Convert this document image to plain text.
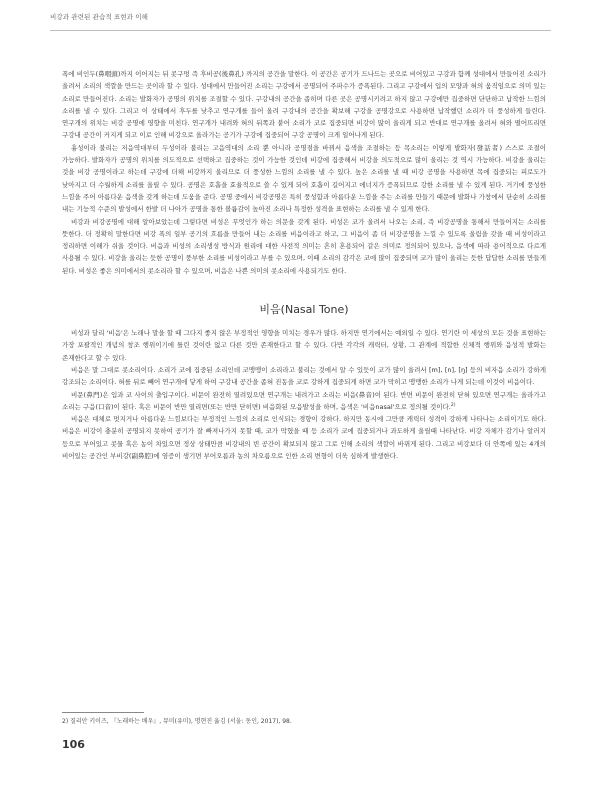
비강과 관련된 관습적 표현과 이해

폭에 비인두(鼻咽頭)까지 이어지는 뒤 콧구멍 즉 후비공(後鼻孔) 까지의 공간을 말한다. 이 공간은 공기가 드나드는 곳으로 비어있고 구강과 함께 성대에서 만들어진 소리가 울려서 소리의 색깔을 만드는 곳이라 할 수 있다. 성대에서 만들어진 소리는 구강에서 공명되어 주파수가 증폭된다. 그리고 구강에서 입의 모양과 혀의 움직임으로 의미 있는 소리로 만들어진다. 소리는 발화자가 공명의 위치를 조절할 수 있다. 구강내의 공간을 좁히며 다른 곳은 공명시키려고 하지 않고 구강에만 집중하면 단단하고 납작한 느낌의 소리를 낼 수 있다. 그리고 이 상태에서 후두를 낮추고 연구개를 들어 올려 구강내의 공간을 확보해 구강을 공명강으로 사용하면 납작했던 소리가 더 풍성하게 들린다. 연구개의 위치는 비강 공명에 영향을 미친다. 연구개가 내려와 혀의 뒤쪽과 붙어 소리가 코로 집중되면 비강이 많이 울리게 되고 반대로 연구개를 올려서 혀와 떨어뜨리면 구강내 공간이 커지게 되고 이로 인해 비강으로 올라가는 공기가 구강에 집중되어 구강 공명이 크게 일어나게 된다.

흉성이라 불리는 저음역대부터 두성이라 불리는 고음역대의 소리 뿐 아니라 공명점을 바꿔서 음색을 조절하는 등 목소리는 이렇게 발화자(發話者) 스스로 조절이 가능하다. 발화자가 공명의 위치를 의도적으로 선택하고 집중하는 것이 가능한 것인데 비강에 집중해서 비강을 의도적으로 많이 울리는 것 역시 가능하다. 비강을 울리는 것을 비강 공명이라고 하는데 구강에 더해 비강까지 울리므로 더 풍성한 느낌의 소리를 낼 수 있다. 높은 소리를 낼 때 비강 공명을 사용하면 목에 집중되는 피로도가 낮아지고 더 수월하게 소리를 올릴 수 있다. 공명은 호흡을 효율적으로 쓸 수 있게 되어 호흡이 길어지고 에너지가 증폭되므로 강한 소리를 낼 수 있게 된다. 거기에 풍성한 느낌을 주어 아름다운 음색을 갖게 하는데 도움을 준다. 공명 중에서 비강공명은 특히 풍성함과 아름다운 느낌을 주는 소리를 만들기 때문에 발화나 가창에서 단순히 소리를 내는 기능적 수준의 발성에서 한발 더 나아가 공명을 통한 볼륨감이 높아진 소리나 특정한 성격을 표현하는 소리를 낼 수 있게 한다.

비강과 비강공명에 대해 알아보았는데 그렇다면 비성은 무엇인가 하는 의문을 갖게 된다. 비성은 코가 울려서 나오는 소리, 즉 비강공명을 통해서 만들어지는 소리를 뜻한다. 더 정확히 말한다면 비강 폭의 일부 공기의 흐름을 만들어 내는 소리를 비음이라고 하고, 그 비음이 좀 더 비강공명을 느낄 수 있도록 울림을 갖을 때 비성이라고 정리하면 이해가 쉬울 것이다. 비음과 비성의 소리생성 방식과 원리에 대한 사전적 의미는 흔히 혼용되어 같은 의미로 정의되어 있으나, 음색에 따라 용어적으로 다르게 사용될 수 있다. 비강을 울리는 듯한 공명이 풍부한 소리를 비성이라고 부를 수 있으며, 이때 소리의 감각은 코에 많이 집중되며 코가 많이 울리는 듯한 답답한 소리를 만들게 된다. 비성은 좋은 의미에서의 콧소리라 할 수 있으며, 비음은 나쁜 의미의 콧소리에 사용되기도 한다.

비음(Nasal Tone)

비성과 달리 '비음'은 노래나 말을 할 때 그다지 좋지 않은 부정적인 영향을 미치는 경우가 많다. 하지만 연기에서는 예외일 수 있다. 연기란 이 세상의 모든 것을 표현하는 가장 포괄적인 개념의 창조 행위이기에 틀린 것이란 없고 다른 것만 존재한다고 할 수 있다. 다만 각각의 캐릭터, 상황, 그 관계에 적합한 신체적 행위와 음성적 발화는 존재한다고 할 수 있다.

비음은 말 그대로 콧소리이다. 소리가 코에 집중된 소리인데 코맹맹이 소리라고 불리는 것에서 알 수 있듯이 코가 많이 울려서 [m], [n], [ŋ] 등의 비자음 소리가 강하게 강조되는 소리이다. 혀를 뒤로 빼어 연구개에 닿게 하여 구강내 공간을 좁혀 진동을 코로 강하게 집중되게 하면 코가 막히고 맹맹한 소리가 나게 되는데 이것이 비음이다.

비문(鼻門)은 입과 코 사이의 출입구이다. 비문이 완전히 열려있으면 연구개는 내려가고 소리는 비음(鼻音)이 된다. 반면 비문이 완전히 닫혀 있으면 연구개는 올라가고 소리는 구음(口音)이 된다. 혹은 비문이 반만 열리면(또는 반만 닫히면) 비음화된 모음발성을 하며, 음색은 '비음nasal'으로 정의될 것이다.$^{2)}$

비음은 대체로 멋지거나 아름다운 느낌보다는 부정적인 느낌의 소리로 인식되는 경향이 강하다. 하지만 동시에 그만큼 캐릭터 성격이 강하게 나타나는 소리이기도 하다. 비음은 비강이 충분히 공명되지 못하여 공기가 잘 빠져나가지 못할 때, 코가 막혔을 때 등 소리가 코에 집중되거나 과도하게 울릴때 나타난다. 비강 자체가 감기나 알러지 등으로 부어있고 콧물 혹은 농이 차있으면 정상 상태만큼 비강내의 빈 공간이 확보되지 않고 그로 인해 소리의 색깔이 바뀌게 된다. 그리고 비강보다 더 안쪽에 있는 4개의 비어있는 공간인 부비강(副鼻腔)에 염증이 생기면 부어오름과 농의 차오름으로 인한 소리 변형이 더욱 심하게 발생한다.

2) 질리안 키이즈, 『노래하는 배우』, 뮤미(유미), 명현진 옮김 (서울: 동인, 2017), 98.
106
